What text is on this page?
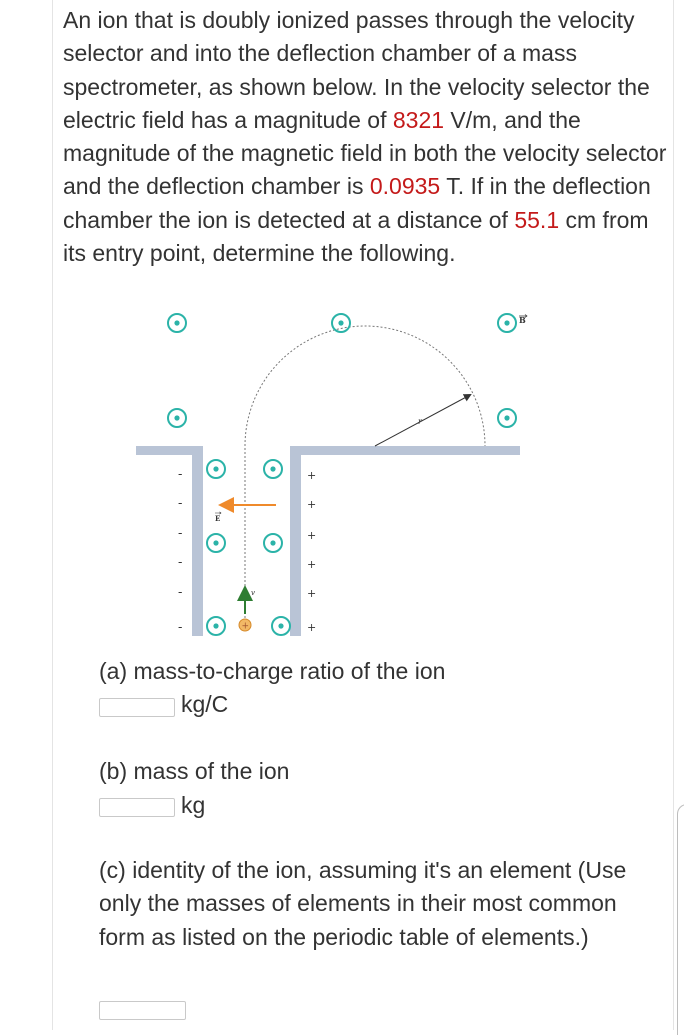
An ion that is doubly ionized passes through the velocity selector and into the deflection chamber of a mass spectrometer, as shown below. In the velocity selector the electric field has a magnitude of 8321 V/m, and the magnitude of the magnetic field in both the velocity selector and the deflection chamber is 0.0935 T. If in the deflection chamber the ion is detected at a distance of 55.1 cm from its entry point, determine the following.

r
B
-
-
-
-
-
-
+
+
+
+
+
+
E
v
+

(a) mass-to-charge ratio of the ion

kg/C

(b) mass of the ion

kg

(c) identity of the ion, assuming it's an element (Use only the masses of elements in their most common form as listed on the periodic table of elements.)
